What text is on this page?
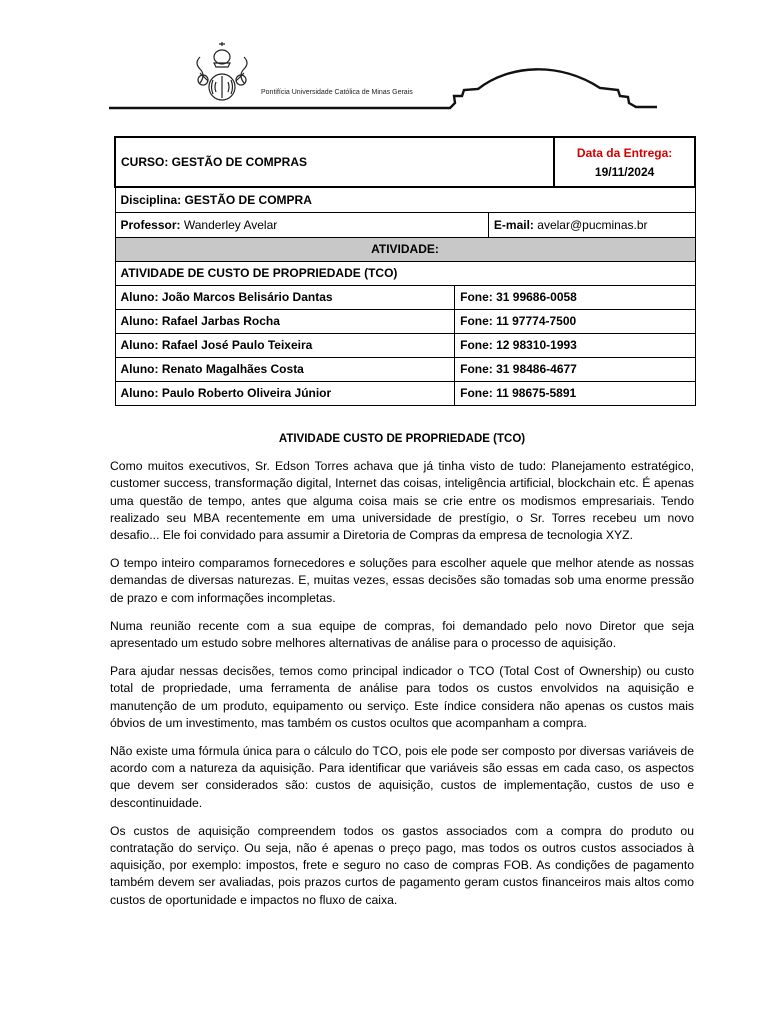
Pontifícia Universidade Católica de Minas Gerais
CURSO: GESTÃO DE COMPRAS			Data da Entrega:
19/11/2024

Disciplina: GESTÃO DE COMPRA			
Professor: Wanderley Avelar		E-mail: avelar@pucminas.br	
ATIVIDADE:			
ATIVIDADE DE CUSTO DE PROPRIEDADE (TCO)			
Aluno: João Marcos Belisário Dantas	Fone: 31 99686-0058		
Aluno: Rafael Jarbas Rocha	Fone: 11 97774-7500		
Aluno: Rafael José Paulo Teixeira	Fone: 12 98310-1993		
Aluno: Renato Magalhães Costa	Fone: 31 98486-4677		
Aluno: Paulo Roberto Oliveira Júnior	Fone: 11 98675-5891		
ATIVIDADE CUSTO DE PROPRIEDADE (TCO)

Como muitos executivos, Sr. Edson Torres achava que já tinha visto de tudo: Planejamento estratégico, customer success, transformação digital, Internet das coisas, inteligência artificial, blockchain etc. É apenas uma questão de tempo, antes que alguma coisa mais se crie entre os modismos empresariais. Tendo realizado seu MBA recentemente em uma universidade de prestígio, o Sr. Torres recebeu um novo desafio... Ele foi convidado para assumir a Diretoria de Compras da empresa de tecnologia XYZ.

O tempo inteiro comparamos fornecedores e soluções para escolher aquele que melhor atende as nossas demandas de diversas naturezas. E, muitas vezes, essas decisões são tomadas sob uma enorme pressão de prazo e com informações incompletas.

Numa reunião recente com a sua equipe de compras, foi demandado pelo novo Diretor que seja apresentado um estudo sobre melhores alternativas de análise para o processo de aquisição.

Para ajudar nessas decisões, temos como principal indicador o TCO (Total Cost of Ownership) ou custo total de propriedade, uma ferramenta de análise para todos os custos envolvidos na aquisição e manutenção de um produto, equipamento ou serviço. Este índice considera não apenas os custos mais óbvios de um investimento, mas também os custos ocultos que acompanham a compra.

Não existe uma fórmula única para o cálculo do TCO, pois ele pode ser composto por diversas variáveis de acordo com a natureza da aquisição. Para identificar que variáveis são essas em cada caso, os aspectos que devem ser considerados são: custos de aquisição, custos de implementação, custos de uso e descontinuidade.

Os custos de aquisição compreendem todos os gastos associados com a compra do produto ou contratação do serviço. Ou seja, não é apenas o preço pago, mas todos os outros custos associados à aquisição, por exemplo: impostos, frete e seguro no caso de compras FOB. As condições de pagamento também devem ser avaliadas, pois prazos curtos de pagamento geram custos financeiros mais altos como custos de oportunidade e impactos no fluxo de caixa.
